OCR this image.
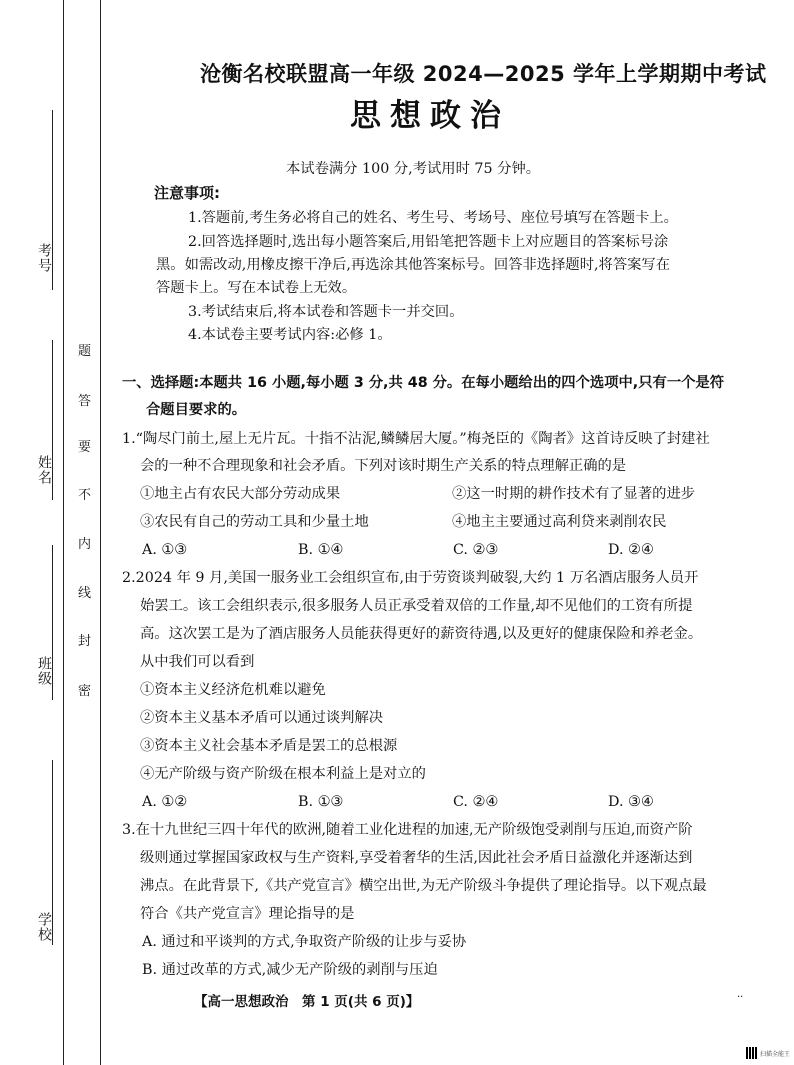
考号
姓名
班级
学校
题
答
要
不
内
线
封
密
沧衡名校联盟高一年级 2024—2025 学年上学期期中考试
思想政治
本试卷满分 100 分,考试用时 75 分钟。
注意事项:
1.答题前,考生务必将自己的姓名、考生号、考场号、座位号填写在答题卡上。
2.回答选择题时,选出每小题答案后,用铅笔把答题卡上对应题目的答案标号涂
黑。如需改动,用橡皮擦干净后,再选涂其他答案标号。回答非选择题时,将答案写在
答题卡上。写在本试卷上无效。
3.考试结束后,将本试卷和答题卡一并交回。
4.本试卷主要考试内容:必修 1。
一、选择题:本题共 16 小题,每小题 3 分,共 48 分。在每小题给出的四个选项中,只有一个是符
合题目要求的。
1.“陶尽门前土,屋上无片瓦。十指不沾泥,鳞鳞居大厦。”梅尧臣的《陶者》这首诗反映了封建社
会的一种不合理现象和社会矛盾。下列对该时期生产关系的特点理解正确的是
①地主占有农民大部分劳动成果	②这一时期的耕作技术有了显著的进步
③农民有自己的劳动工具和少量土地	④地主主要通过高利贷来剥削农民
A. ①③	B. ①④	C. ②③	D. ②④
2.2024 年 9 月,美国一服务业工会组织宣布,由于劳资谈判破裂,大约 1 万名酒店服务人员开
始罢工。该工会组织表示,很多服务人员正承受着双倍的工作量,却不见他们的工资有所提
高。这次罢工是为了酒店服务人员能获得更好的薪资待遇,以及更好的健康保险和养老金。
从中我们可以看到
①资本主义经济危机难以避免
②资本主义基本矛盾可以通过谈判解决
③资本主义社会基本矛盾是罢工的总根源
④无产阶级与资产阶级在根本利益上是对立的
A. ①②	B. ①③	C. ②④	D. ③④
3.在十九世纪三四十年代的欧洲,随着工业化进程的加速,无产阶级饱受剥削与压迫,而资产阶
级则通过掌握国家政权与生产资料,享受着奢华的生活,因此社会矛盾日益激化并逐渐达到
沸点。在此背景下,《共产党宣言》横空出世,为无产阶级斗争提供了理论指导。以下观点最
符合《共产党宣言》理论指导的是
A. 通过和平谈判的方式,争取资产阶级的让步与妥协
B. 通过改革的方式,减少无产阶级的剥削与压迫
【高一思想政治　第 1 页(共 6 页)】	··
扫描全能王
